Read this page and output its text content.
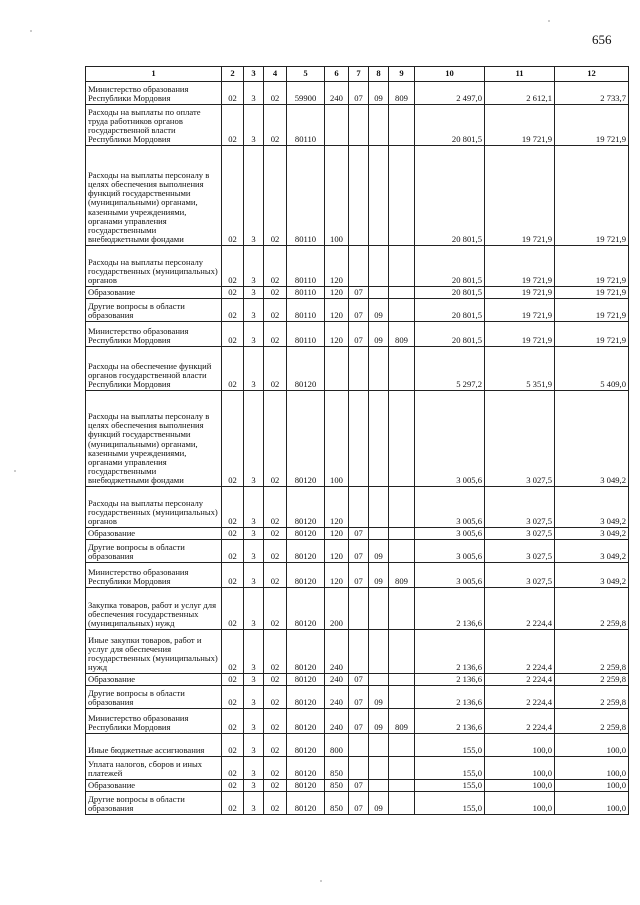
656
1	2	3	4	5	6	7	8	9	10	11	12
Министерство образования Республики Мордовия	02	3	02	59900	240	07	09	809	2 497,0	2 612,1	2 733,7
Расходы на выплаты по оплате труда работников органов государственной власти Республики Мордовия	02	3	02	80110					20 801,5	19 721,9	19 721,9
Расходы на выплаты персоналу в целях обеспечения выполнения функций государственными (муниципальными) органами, казенными учреждениями, органами управления государственными внебюджетными фондами	02	3	02	80110	100				20 801,5	19 721,9	19 721,9
Расходы на выплаты персоналу государственных (муниципальных) органов	02	3	02	80110	120				20 801,5	19 721,9	19 721,9
Образование	02	3	02	80110	120	07			20 801,5	19 721,9	19 721,9
Другие вопросы в области образования	02	3	02	80110	120	07	09		20 801,5	19 721,9	19 721,9
Министерство образования Республики Мордовия	02	3	02	80110	120	07	09	809	20 801,5	19 721,9	19 721,9
Расходы на обеспечение функций органов государственной власти Республики Мордовия	02	3	02	80120					5 297,2	5 351,9	5 409,0
Расходы на выплаты персоналу в целях обеспечения выполнения функций государственными (муниципальными) органами, казенными учреждениями, органами управления государственными внебюджетными фондами	02	3	02	80120	100				3 005,6	3 027,5	3 049,2
Расходы на выплаты персоналу государственных (муниципальных) органов	02	3	02	80120	120				3 005,6	3 027,5	3 049,2
Образование	02	3	02	80120	120	07			3 005,6	3 027,5	3 049,2
Другие вопросы в области образования	02	3	02	80120	120	07	09		3 005,6	3 027,5	3 049,2
Министерство образования Республики Мордовия	02	3	02	80120	120	07	09	809	3 005,6	3 027,5	3 049,2
Закупка товаров, работ и услуг для обеспечения государственных (муниципальных) нужд	02	3	02	80120	200				2 136,6	2 224,4	2 259,8
Иные закупки товаров, работ и услуг для обеспечения государственных (муниципальных) нужд	02	3	02	80120	240				2 136,6	2 224,4	2 259,8
Образование	02	3	02	80120	240	07			2 136,6	2 224,4	2 259,8
Другие вопросы в области образования	02	3	02	80120	240	07	09		2 136,6	2 224,4	2 259,8
Министерство образования Республики Мордовия	02	3	02	80120	240	07	09	809	2 136,6	2 224,4	2 259,8
Иные бюджетные ассигнования	02	3	02	80120	800				155,0	100,0	100,0
Уплата налогов, сборов и иных платежей	02	3	02	80120	850				155,0	100,0	100,0
Образование	02	3	02	80120	850	07			155,0	100,0	100,0
Другие вопросы в области образования	02	3	02	80120	850	07	09		155,0	100,0	100,0
